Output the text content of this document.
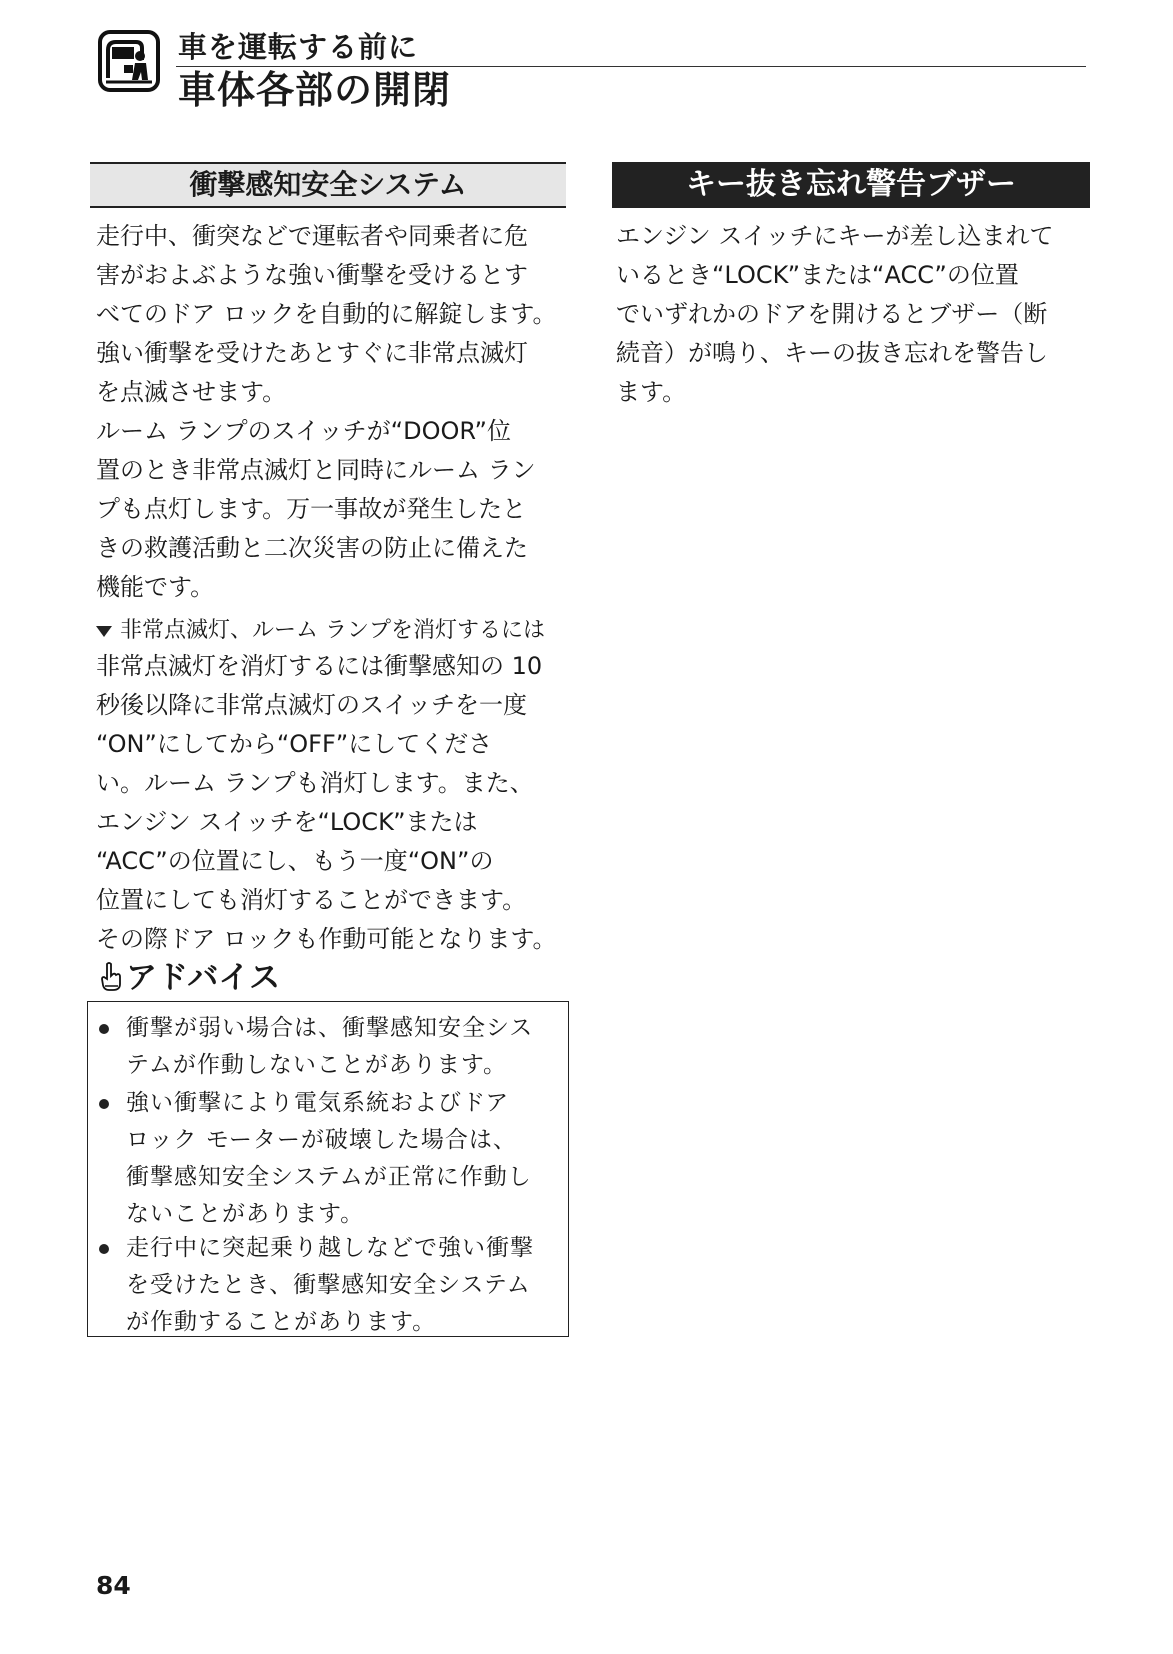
車を運転する前に
車体各部の開閉
衝撃感知安全システム
走行中、衝突などで運転者や同乗者に危
害がおよぶような強い衝撃を受けるとす
べてのドア ロックを自動的に解錠します。
強い衝撃を受けたあとすぐに非常点滅灯
を点滅させます。
ルーム ランプのスイッチが“DOOR”位
置のとき非常点滅灯と同時にルーム ラン
プも点灯します。万一事故が発生したと
きの救護活動と二次災害の防止に備えた
機能です。
非常点滅灯、ルーム ランプを消灯するには
非常点滅灯を消灯するには衝撃感知の 10
秒後以降に非常点滅灯のスイッチを一度
“ON”にしてから“OFF”にしてくださ
い。ルーム ランプも消灯します。また、
エンジン スイッチを“LOCK”または
“ACC”の位置にし、もう一度“ON”の
位置にしても消灯することができます。
その際ドア ロックも作動可能となります。
アドバイス
衝撃が弱い場合は、衝撃感知安全シス
テムが作動しないことがあります。
強い衝撃により電気系統およびドア
ロック モーターが破壊した場合は、
衝撃感知安全システムが正常に作動し
ないことがあります。
走行中に突起乗り越しなどで強い衝撃
を受けたとき、衝撃感知安全システム
が作動することがあります。
キー抜き忘れ警告ブザー
エンジン スイッチにキーが差し込まれて
いるとき“LOCK”または“ACC”の位置
でいずれかのドアを開けるとブザー（断
続音）が鳴り、キーの抜き忘れを警告し
ます。
84
